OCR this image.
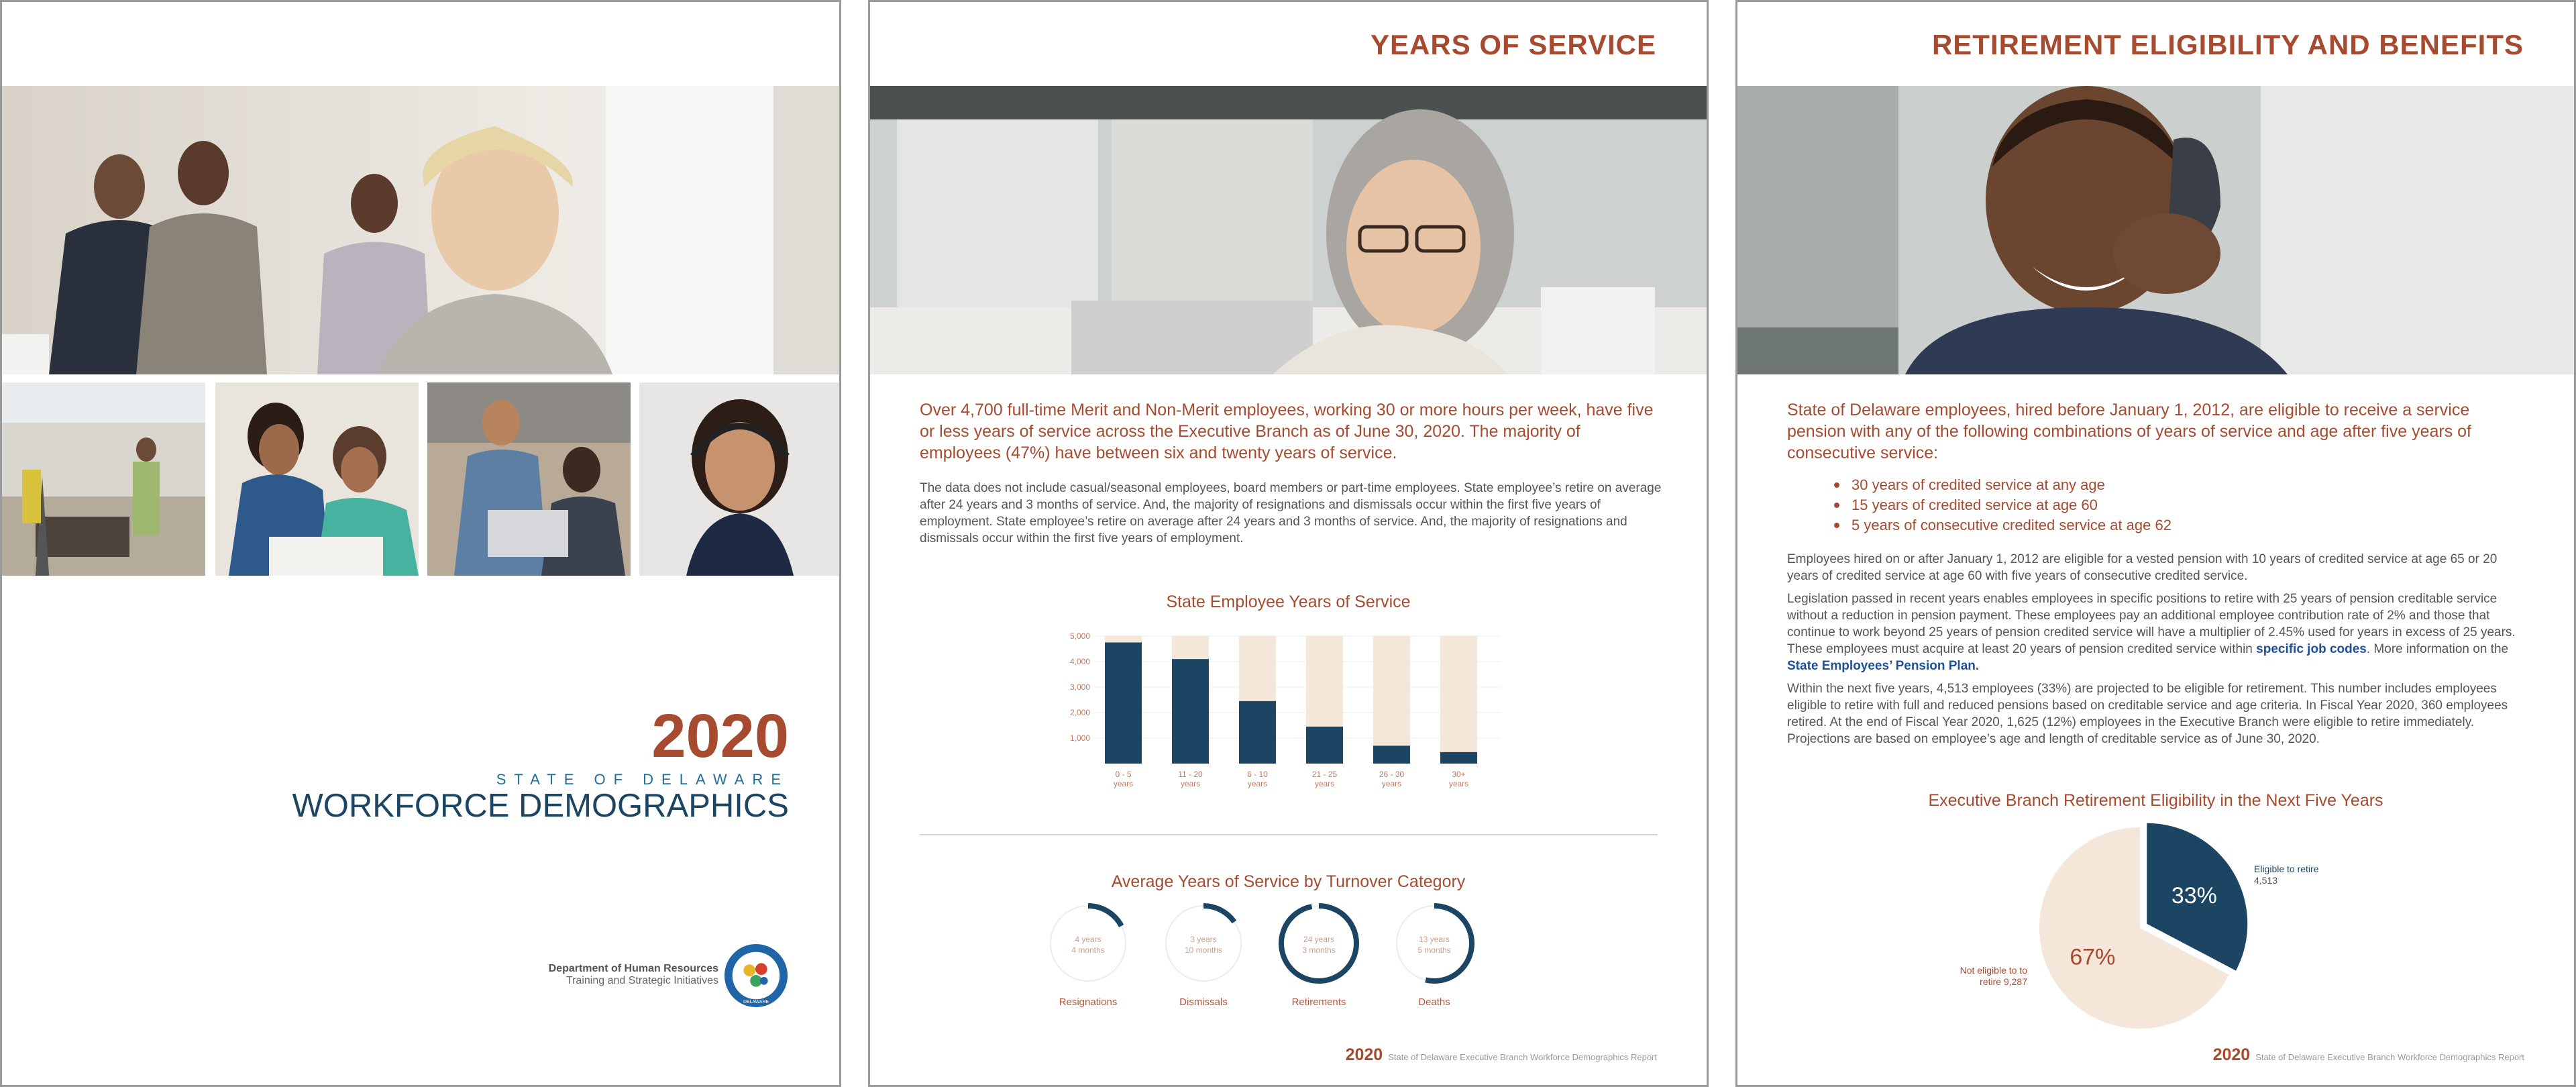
2020
STATE OF DELAWARE
WORKFORCE DEMOGRAPHICS
Department of Human Resources
Training and Strategic Initiatives
DELAWARE
YEARS OF SERVICE
Over 4,700 full-time Merit and Non-Merit employees, working 30 or more hours per week, have five or less years of service across the Executive Branch as of June 30, 2020. The majority of employees (47%) have between six and twenty years of service.

The data does not include casual/seasonal employees, board members or part-time employees. State employee’s retire on average after 24 years and 3 months of service. And, the majority of resignations and dismissals occur within the first five years of employment. State employee’s retire on average after 24 years and 3 months of service. And, the majority of resignations and dismissals occur within the first five years of employment.

State Employee Years of Service
1,000
2,000
3,000
4,000
5,000
0 - 5
years
11 - 20
years
6 - 10
years
21 - 25
years
26 - 30
years
30+
years
Average Years of Service by Turnover Category
4 years
4 months
Resignations
3 years
10 months
Dismissals
24 years
3 months
Retirements
13 years
5 months
Deaths
2020 State of Delaware Executive Branch Workforce Demographics Report
RETIREMENT ELIGIBILITY AND BENEFITS
State of Delaware employees, hired before January 1, 2012, are eligible to receive a service pension with any of the following combinations of years of service and age after five years of consecutive service:
30 years of credited service at any age
15 years of credited service at age 60
5 years of consecutive credited service at age 62

Employees hired on or after January 1, 2012 are eligible for a vested pension with 10 years of credited service at age 65 or 20 years of credited service at age 60 with five years of consecutive credited service.

Legislation passed in recent years enables employees in specific positions to retire with 25 years of pension creditable service without a reduction in pension payment. These employees pay an additional employee contribution rate of 2% and those that continue to work beyond 25 years of pension credited service will have a multiplier of 2.45% used for years in excess of 25 years. These employees must acquire at least 20 years of pension credited service within specific job codes. More information on the State Employees’ Pension Plan.

Within the next five years, 4,513 employees (33%) are projected to be eligible for retirement. This number includes employees eligible to retire with full and reduced pensions based on creditable service and age criteria. In Fiscal Year 2020, 360 employees retired. At the end of Fiscal Year 2020, 1,625 (12%) employees in the Executive Branch were eligible to retire immediately. Projections are based on employee’s age and length of creditable service as of June 30, 2020.

Executive Branch Retirement Eligibility in the Next Five Years
33%
67%
Eligible to retire
4,513
Not eligible to to
retire 9,287
2020 State of Delaware Executive Branch Workforce Demographics Report
